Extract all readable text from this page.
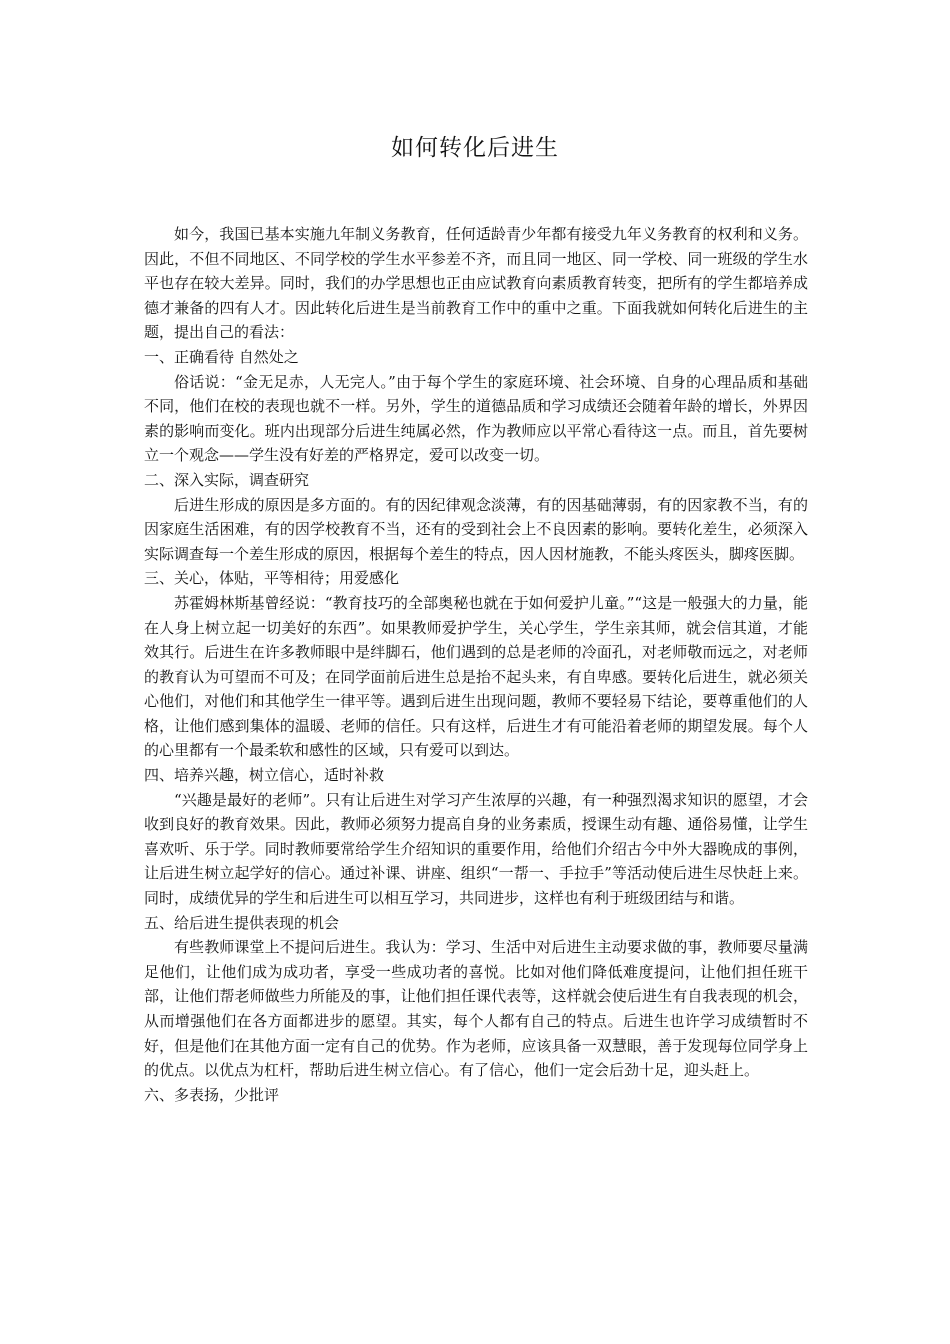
如何转化后进生

如今，我国已基本实施九年制义务教育，任何适龄青少年都有接受九年义务教育的权利和义务。因此，不但不同地区、不同学校的学生水平参差不齐，而且同一地区、同一学校、同一班级的学生水平也存在较大差异。同时，我们的办学思想也正由应试教育向素质教育转变，把所有的学生都培养成德才兼备的四有人才。因此转化后进生是当前教育工作中的重中之重。下面我就如何转化后进生的主题，提出自己的看法：

一、正确看待 自然处之

俗话说：“金无足赤，人无完人。”由于每个学生的家庭环境、社会环境、自身的心理品质和基础不同，他们在校的表现也就不一样。另外，学生的道德品质和学习成绩还会随着年龄的增长，外界因素的影响而变化。班内出现部分后进生纯属必然，作为教师应以平常心看待这一点。而且，首先要树立一个观念——学生没有好差的严格界定，爱可以改变一切。

二、深入实际，调查研究

后进生形成的原因是多方面的。有的因纪律观念淡薄，有的因基础薄弱，有的因家教不当，有的因家庭生活困难，有的因学校教育不当，还有的受到社会上不良因素的影响。要转化差生，必须深入实际调查每一个差生形成的原因，根据每个差生的特点，因人因材施教，不能头疼医头，脚疼医脚。

三、关心，体贴，平等相待；用爱感化

苏霍姆林斯基曾经说：“教育技巧的全部奥秘也就在于如何爱护儿童。”“这是一般强大的力量，能在人身上树立起一切美好的东西”。如果教师爱护学生，关心学生，学生亲其师，就会信其道，才能效其行。后进生在许多教师眼中是绊脚石，他们遇到的总是老师的冷面孔，对老师敬而远之，对老师的教育认为可望而不可及；在同学面前后进生总是抬不起头来，有自卑感。要转化后进生，就必须关心他们，对他们和其他学生一律平等。遇到后进生出现问题，教师不要轻易下结论，要尊重他们的人格，让他们感到集体的温暖、老师的信任。只有这样，后进生才有可能沿着老师的期望发展。每个人的心里都有一个最柔软和感性的区域，只有爱可以到达。

四、培养兴趣，树立信心，适时补救

“兴趣是最好的老师”。只有让后进生对学习产生浓厚的兴趣，有一种强烈渴求知识的愿望，才会收到良好的教育效果。因此，教师必须努力提高自身的业务素质，授课生动有趣、通俗易懂，让学生喜欢听、乐于学。同时教师要常给学生介绍知识的重要作用，给他们介绍古今中外大器晚成的事例，让后进生树立起学好的信心。通过补课、讲座、组织“一帮一、手拉手”等活动使后进生尽快赶上来。同时，成绩优异的学生和后进生可以相互学习，共同进步，这样也有利于班级团结与和谐。

五、给后进生提供表现的机会

有些教师课堂上不提问后进生。我认为：学习、生活中对后进生主动要求做的事，教师要尽量满足他们，让他们成为成功者，享受一些成功者的喜悦。比如对他们降低难度提问，让他们担任班干部，让他们帮老师做些力所能及的事，让他们担任课代表等，这样就会使后进生有自我表现的机会，从而增强他们在各方面都进步的愿望。其实，每个人都有自己的特点。后进生也许学习成绩暂时不好，但是他们在其他方面一定有自己的优势。作为老师，应该具备一双慧眼，善于发现每位同学身上的优点。以优点为杠杆，帮助后进生树立信心。有了信心，他们一定会后劲十足，迎头赶上。

六、多表扬，少批评
